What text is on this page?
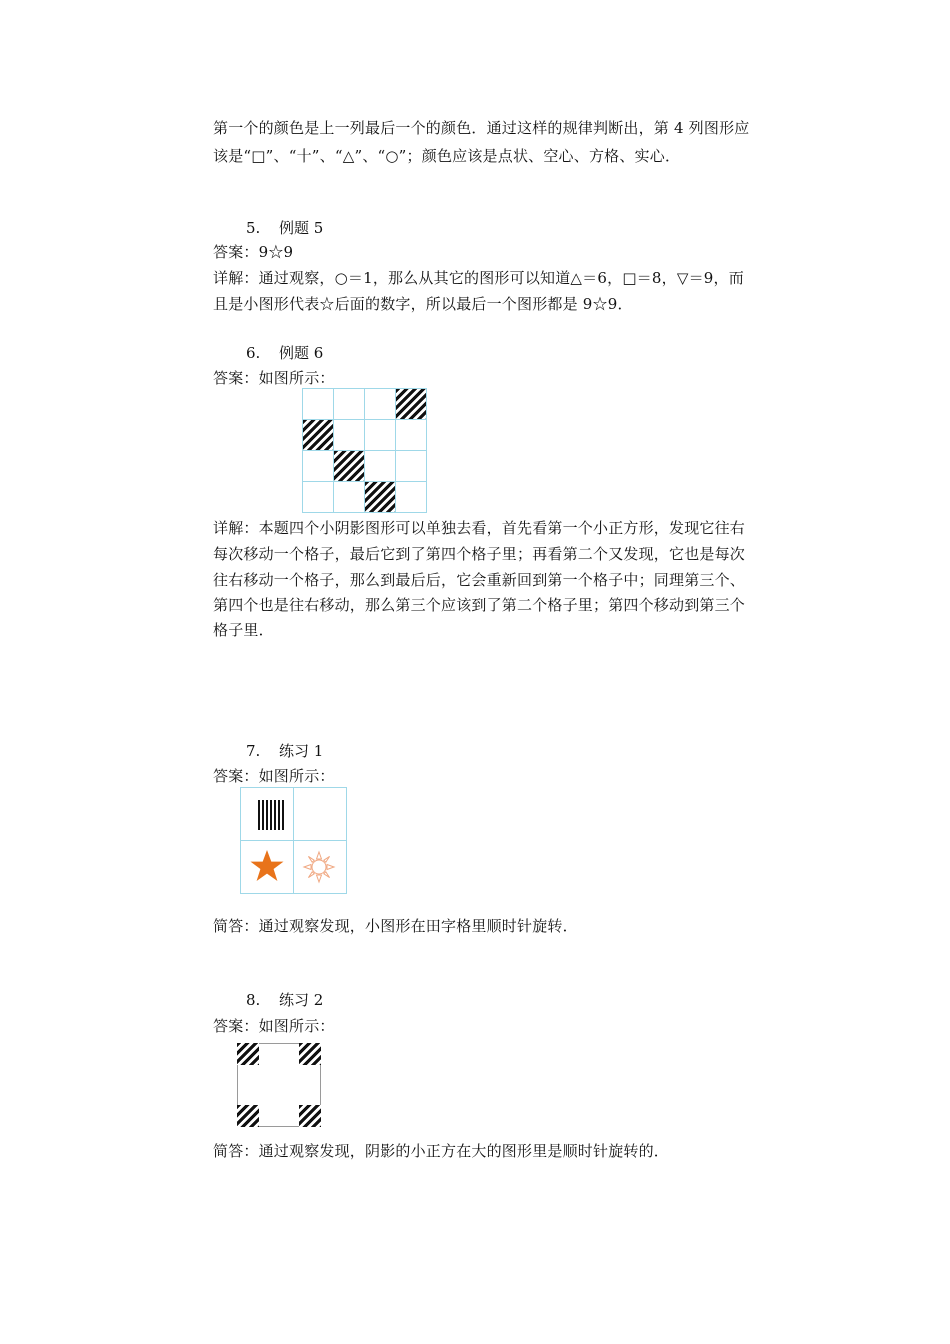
第一个的颜色是上一列最后一个的颜色．通过这样的规律判断出，第 4 列图形应
该是“□”、“十”、“△”、“○”；颜色应该是点状、空心、方格、实心．
5. 例题 5
答案：9☆9
详解：通过观察，○＝1，那么从其它的图形可以知道△＝6，□＝8，▽＝9，而
且是小图形代表☆后面的数字，所以最后一个图形都是 9☆9．
6. 例题 6
答案：如图所示：
详解：本题四个小阴影图形可以单独去看，首先看第一个小正方形，发现它往右
每次移动一个格子，最后它到了第四个格子里；再看第二个又发现，它也是每次
往右移动一个格子，那么到最后后，它会重新回到第一个格子中；同理第三个、
第四个也是往右移动，那么第三个应该到了第二个格子里；第四个移动到第三个
格子里．
7. 练习 1
答案：如图所示：
简答：通过观察发现，小图形在田字格里顺时针旋转．
8. 练习 2
答案：如图所示：
简答：通过观察发现，阴影的小正方在大的图形里是顺时针旋转的．
